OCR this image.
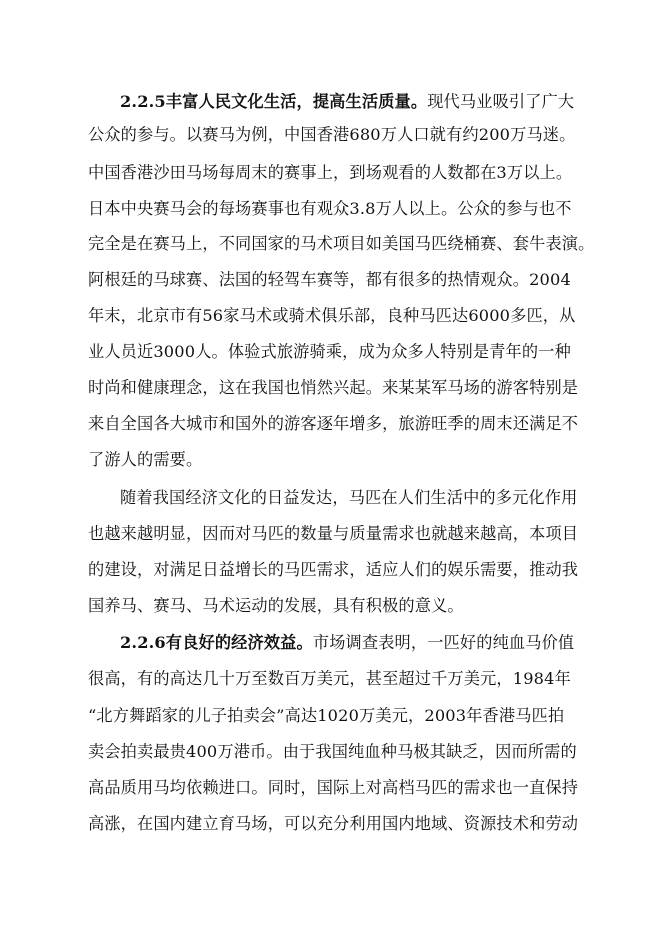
2.2.5丰富人民文化生活，提高生活质量。现代马业吸引了广大
公众的参与。以赛马为例，中国香港680万人口就有约200万马迷。
中国香港沙田马场每周末的赛事上，到场观看的人数都在3万以上。
日本中央赛马会的每场赛事也有观众3.8万人以上。公众的参与也不
完全是在赛马上，不同国家的马术项目如美国马匹绕桶赛、套牛表演。
阿根廷的马球赛、法国的轻驾车赛等，都有很多的热情观众。2004
年末，北京市有56家马术或骑术俱乐部，良种马匹达6000多匹，从
业人员近3000人。体验式旅游骑乘，成为众多人特别是青年的一种
时尚和健康理念，这在我国也悄然兴起。来某某军马场的游客特别是
来自全国各大城市和国外的游客逐年增多，旅游旺季的周末还满足不
了游人的需要。
随着我国经济文化的日益发达，马匹在人们生活中的多元化作用
也越来越明显，因而对马匹的数量与质量需求也就越来越高，本项目
的建设，对满足日益增长的马匹需求，适应人们的娱乐需要，推动我
国养马、赛马、马术运动的发展，具有积极的意义。
2.2.6有良好的经济效益。市场调查表明，一匹好的纯血马价值
很高，有的高达几十万至数百万美元，甚至超过千万美元，1984年
“北方舞蹈家的儿子拍卖会”高达1020万美元，2003年香港马匹拍
卖会拍卖最贵400万港币。由于我国纯血种马极其缺乏，因而所需的
高品质用马均依赖进口。同时，国际上对高档马匹的需求也一直保持
高涨，在国内建立育马场，可以充分利用国内地域、资源技术和劳动
